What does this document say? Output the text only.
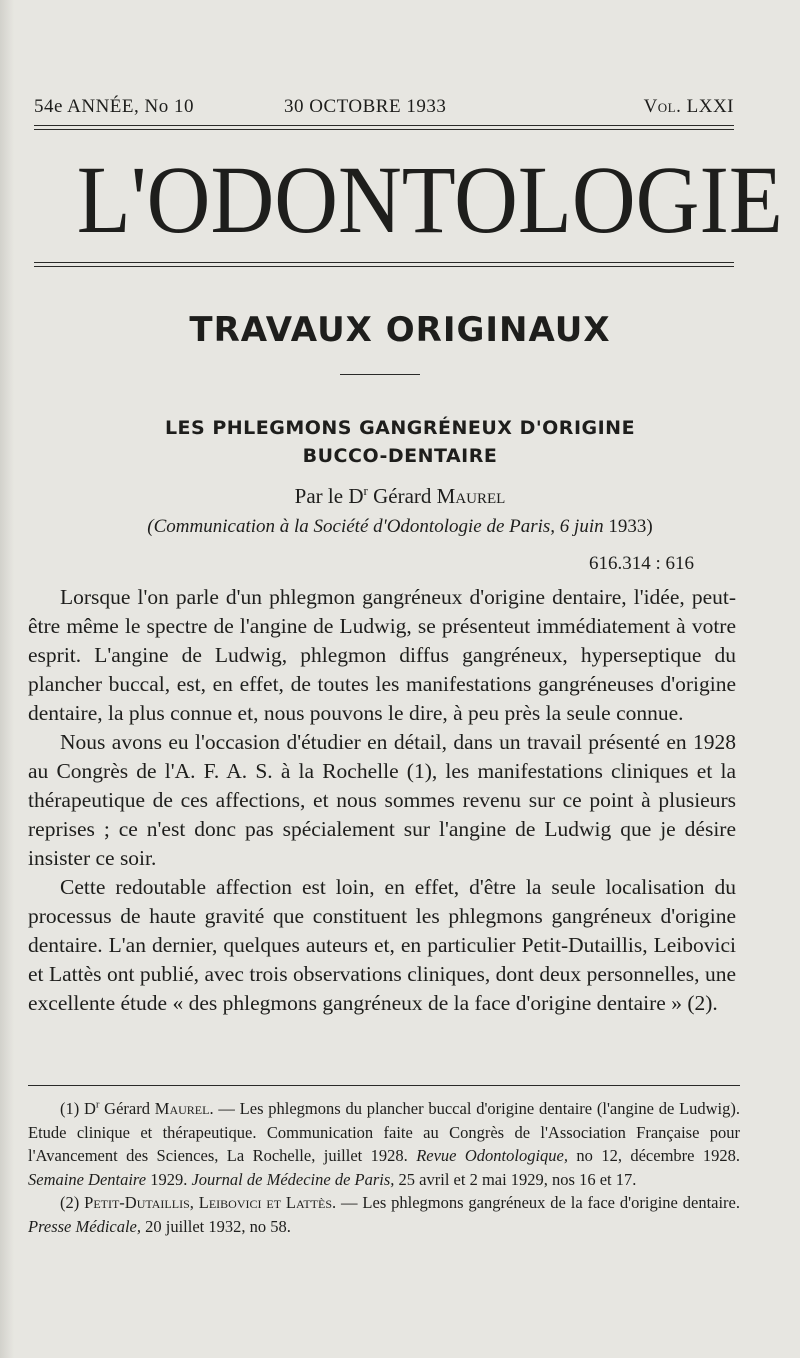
54e ANNÉE, No 10	30 OCTOBRE 1933	Vol. LXXI
L'ODONTOLOGIE
TRAVAUX ORIGINAUX
LES PHLEGMONS GANGRÉNEUX D'ORIGINE
BUCCO-DENTAIRE
Par le $D^r$ Gérard Maurel
(Communication à la Société d'Odontologie de Paris, 6 juin 1933)
616.314 : 616

Lorsque l'on parle d'un phlegmon gangréneux d'origine dentaire, l'idée, peut-être même le spectre de l'angine de Ludwig, se présenteut immédiatement à votre esprit. L'angine de Ludwig, phlegmon diffus gangréneux, hyperseptique du plancher buccal, est, en effet, de toutes les manifestations gangréneuses d'origine dentaire, la plus connue et, nous pouvons le dire, à peu près la seule connue.

Nous avons eu l'occasion d'étudier en détail, dans un travail présenté en 1928 au Congrès de l'A. F. A. S. à la Rochelle (1), les manifestations cliniques et la thérapeutique de ces affections, et nous sommes revenu sur ce point à plusieurs reprises ; ce n'est donc pas spécialement sur l'angine de Ludwig que je désire insister ce soir.

Cette redoutable affection est loin, en effet, d'être la seule localisation du processus de haute gravité que constituent les phlegmons gangréneux d'origine dentaire. L'an dernier, quelques auteurs et, en particulier Petit-Dutaillis, Leibovici et Lattès ont publié, avec trois observations cliniques, dont deux personnelles, une excellente étude « des phlegmons gangréneux de la face d'origine dentaire » (2).

(1) $D^r$ Gérard Maurel. — Les phlegmons du plancher buccal d'origine dentaire (l'angine de Ludwig). Etude clinique et thérapeutique. Communication faite au Congrès de l'Association Française pour l'Avancement des Sciences, La Rochelle, juillet 1928. Revue Odontologique, no 12, décembre 1928. Semaine Dentaire 1929. Journal de Médecine de Paris, 25 avril et 2 mai 1929, nos 16 et 17.

(2) Petit-Dutaillis, Leibovici et Lattès. — Les phlegmons gangréneux de la face d'origine dentaire. Presse Médicale, 20 juillet 1932, no 58.
